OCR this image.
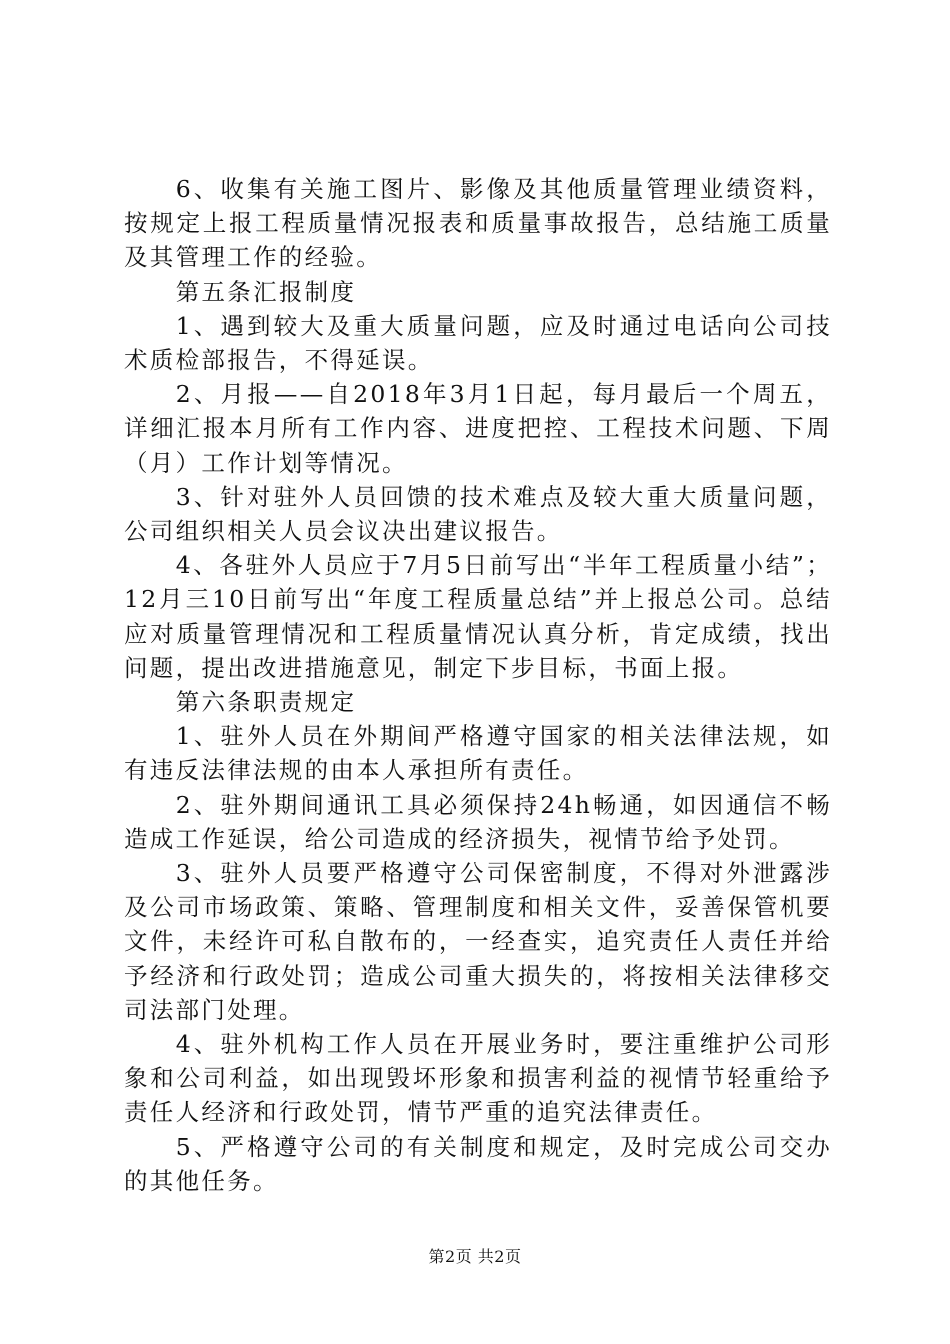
6、收集有关施工图片、影像及其他质量管理业绩资料，按规定上报工程质量情况报表和质量事故报告，总结施工质量及其管理工作的经验。

第五条汇报制度

1、遇到较大及重大质量问题，应及时通过电话向公司技术质检部报告，不得延误。

2、月报——自2018年3月1日起，每月最后一个周五，详细汇报本月所有工作内容、进度把控、工程技术问题、下周（月）工作计划等情况。

3、针对驻外人员回馈的技术难点及较大重大质量问题，公司组织相关人员会议决出建议报告。

4、各驻外人员应于7月5日前写出“半年工程质量小结”；12月三10日前写出“年度工程质量总结”并上报总公司。总结应对质量管理情况和工程质量情况认真分析，肯定成绩，找出问题，提出改进措施意见，制定下步目标，书面上报。

第六条职责规定

1、驻外人员在外期间严格遵守国家的相关法律法规，如有违反法律法规的由本人承担所有责任。

2、驻外期间通讯工具必须保持24h畅通，如因通信不畅造成工作延误，给公司造成的经济损失，视情节给予处罚。

3、驻外人员要严格遵守公司保密制度，不得对外泄露涉及公司市场政策、策略、管理制度和相关文件，妥善保管机要文件，未经许可私自散布的，一经查实，追究责任人责任并给予经济和行政处罚；造成公司重大损失的，将按相关法律移交司法部门处理。

4、驻外机构工作人员在开展业务时，要注重维护公司形象和公司利益，如出现毁坏形象和损害利益的视情节轻重给予责任人经济和行政处罚，情节严重的追究法律责任。

5、严格遵守公司的有关制度和规定，及时完成公司交办的其他任务。

第2页 共2页
